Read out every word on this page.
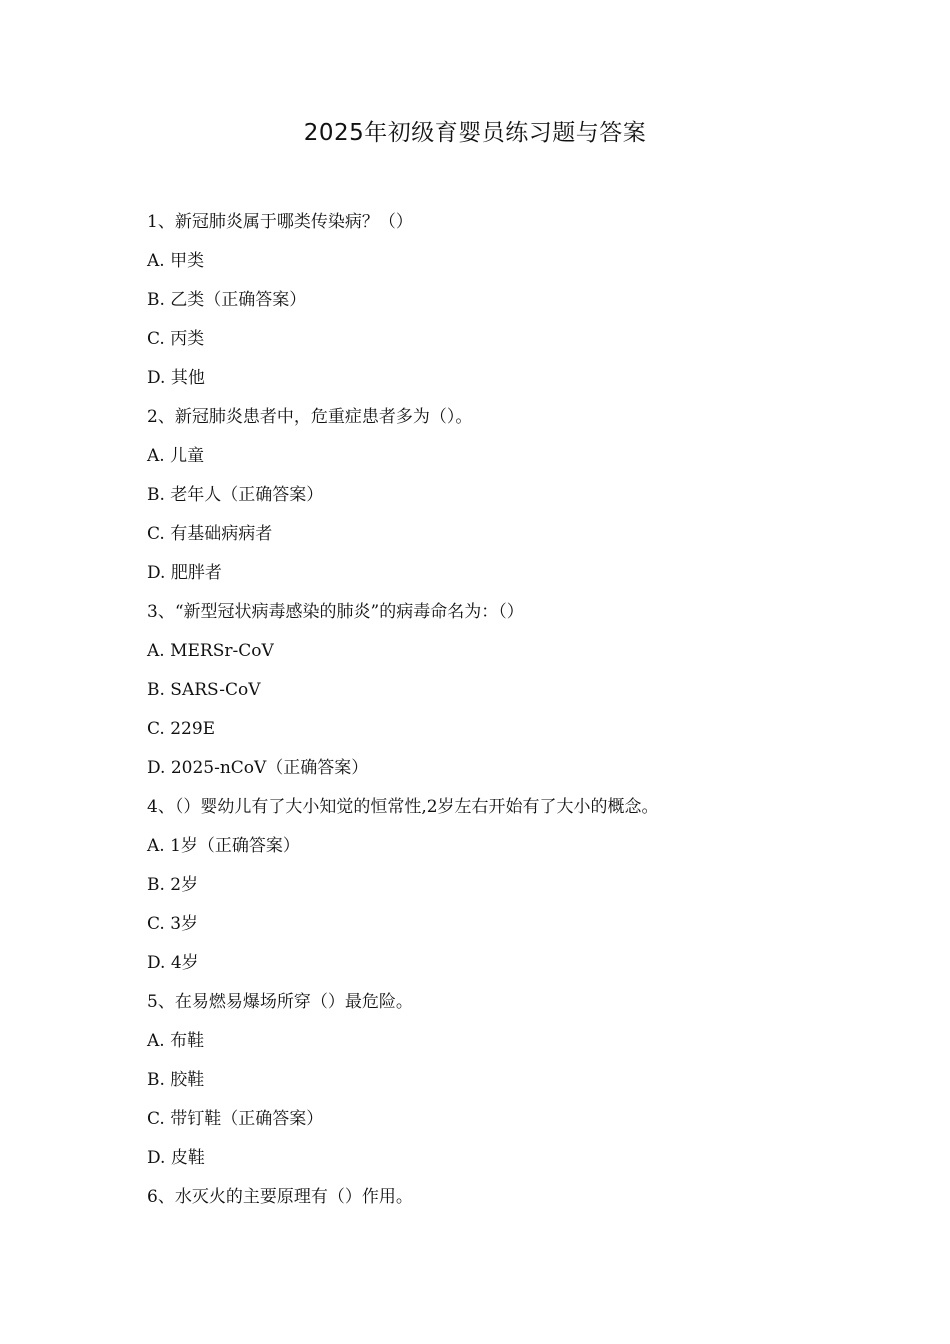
2025年初级育婴员练习题与答案
1、新冠肺炎属于哪类传染病？（）
A. 甲类
B. 乙类（正确答案）
C. 丙类
D. 其他
2、新冠肺炎患者中，危重症患者多为（）。
A. 儿童
B. 老年人（正确答案）
C. 有基础病病者
D. 肥胖者
3、“新型冠状病毒感染的肺炎”的病毒命名为：（）
A. MERSr-CoV
B. SARS-CoV
C. 229E
D. 2025-nCoV（正确答案）
4、（）婴幼儿有了大小知觉的恒常性,2岁左右开始有了大小的概念。
A. 1岁（正确答案）
B. 2岁
C. 3岁
D. 4岁
5、在易燃易爆场所穿（）最危险。
A. 布鞋
B. 胶鞋
C. 带钉鞋（正确答案）
D. 皮鞋
6、水灭火的主要原理有（）作用。
